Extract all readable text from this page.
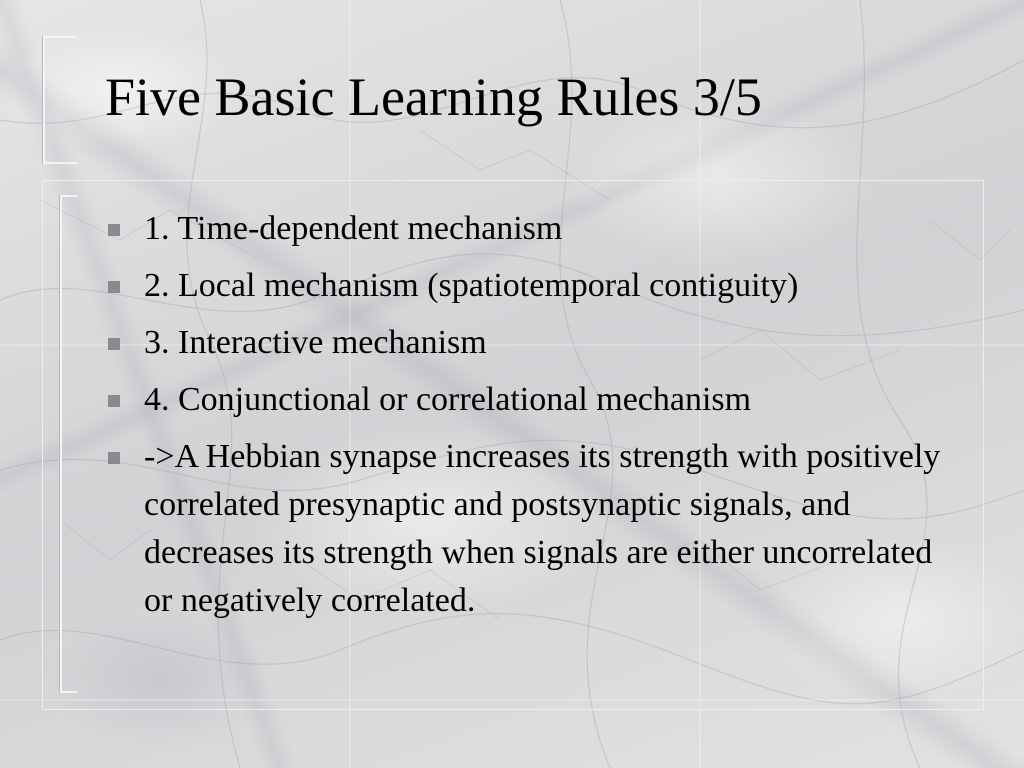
Five Basic Learning Rules 3/5
1. Time-dependent mechanism
2. Local mechanism (spatiotemporal contiguity)
3. Interactive mechanism
4. Conjunctional or correlational mechanism
->A Hebbian synapse increases its strength with positively correlated presynaptic and postsynaptic signals, and decreases its strength when signals are either uncorrelated or negatively correlated.
